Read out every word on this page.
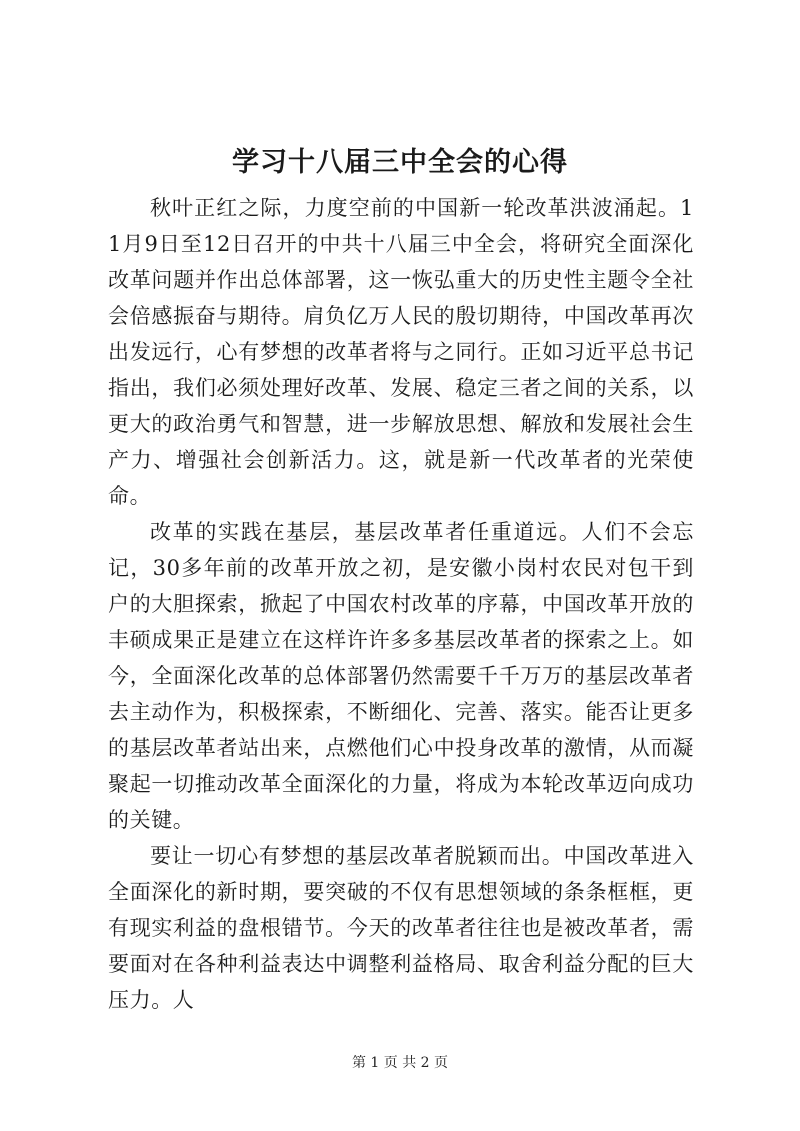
学习十八届三中全会的心得

秋叶正红之际，力度空前的中国新一轮改革洪波涌起。11月9日至12日召开的中共十八届三中全会，将研究全面深化改革问题并作出总体部署，这一恢弘重大的历史性主题令全社会倍感振奋与期待。肩负亿万人民的殷切期待，中国改革再次出发远行，心有梦想的改革者将与之同行。正如习近平总书记指出，我们必须处理好改革、发展、稳定三者之间的关系，以更大的政治勇气和智慧，进一步解放思想、解放和发展社会生产力、增强社会创新活力。这，就是新一代改革者的光荣使命。

改革的实践在基层，基层改革者任重道远。人们不会忘记，30多年前的改革开放之初，是安徽小岗村农民对包干到户的大胆探索，掀起了中国农村改革的序幕，中国改革开放的丰硕成果正是建立在这样许许多多基层改革者的探索之上。如今，全面深化改革的总体部署仍然需要千千万万的基层改革者去主动作为，积极探索，不断细化、完善、落实。能否让更多的基层改革者站出来，点燃他们心中投身改革的激情，从而凝聚起一切推动改革全面深化的力量，将成为本轮改革迈向成功的关键。

要让一切心有梦想的基层改革者脱颖而出。中国改革进入全面深化的新时期，要突破的不仅有思想领域的条条框框，更有现实利益的盘根错节。今天的改革者往往也是被改革者，需要面对在各种利益表达中调整利益格局、取舍利益分配的巨大压力。人

第 1 页 共 2 页
